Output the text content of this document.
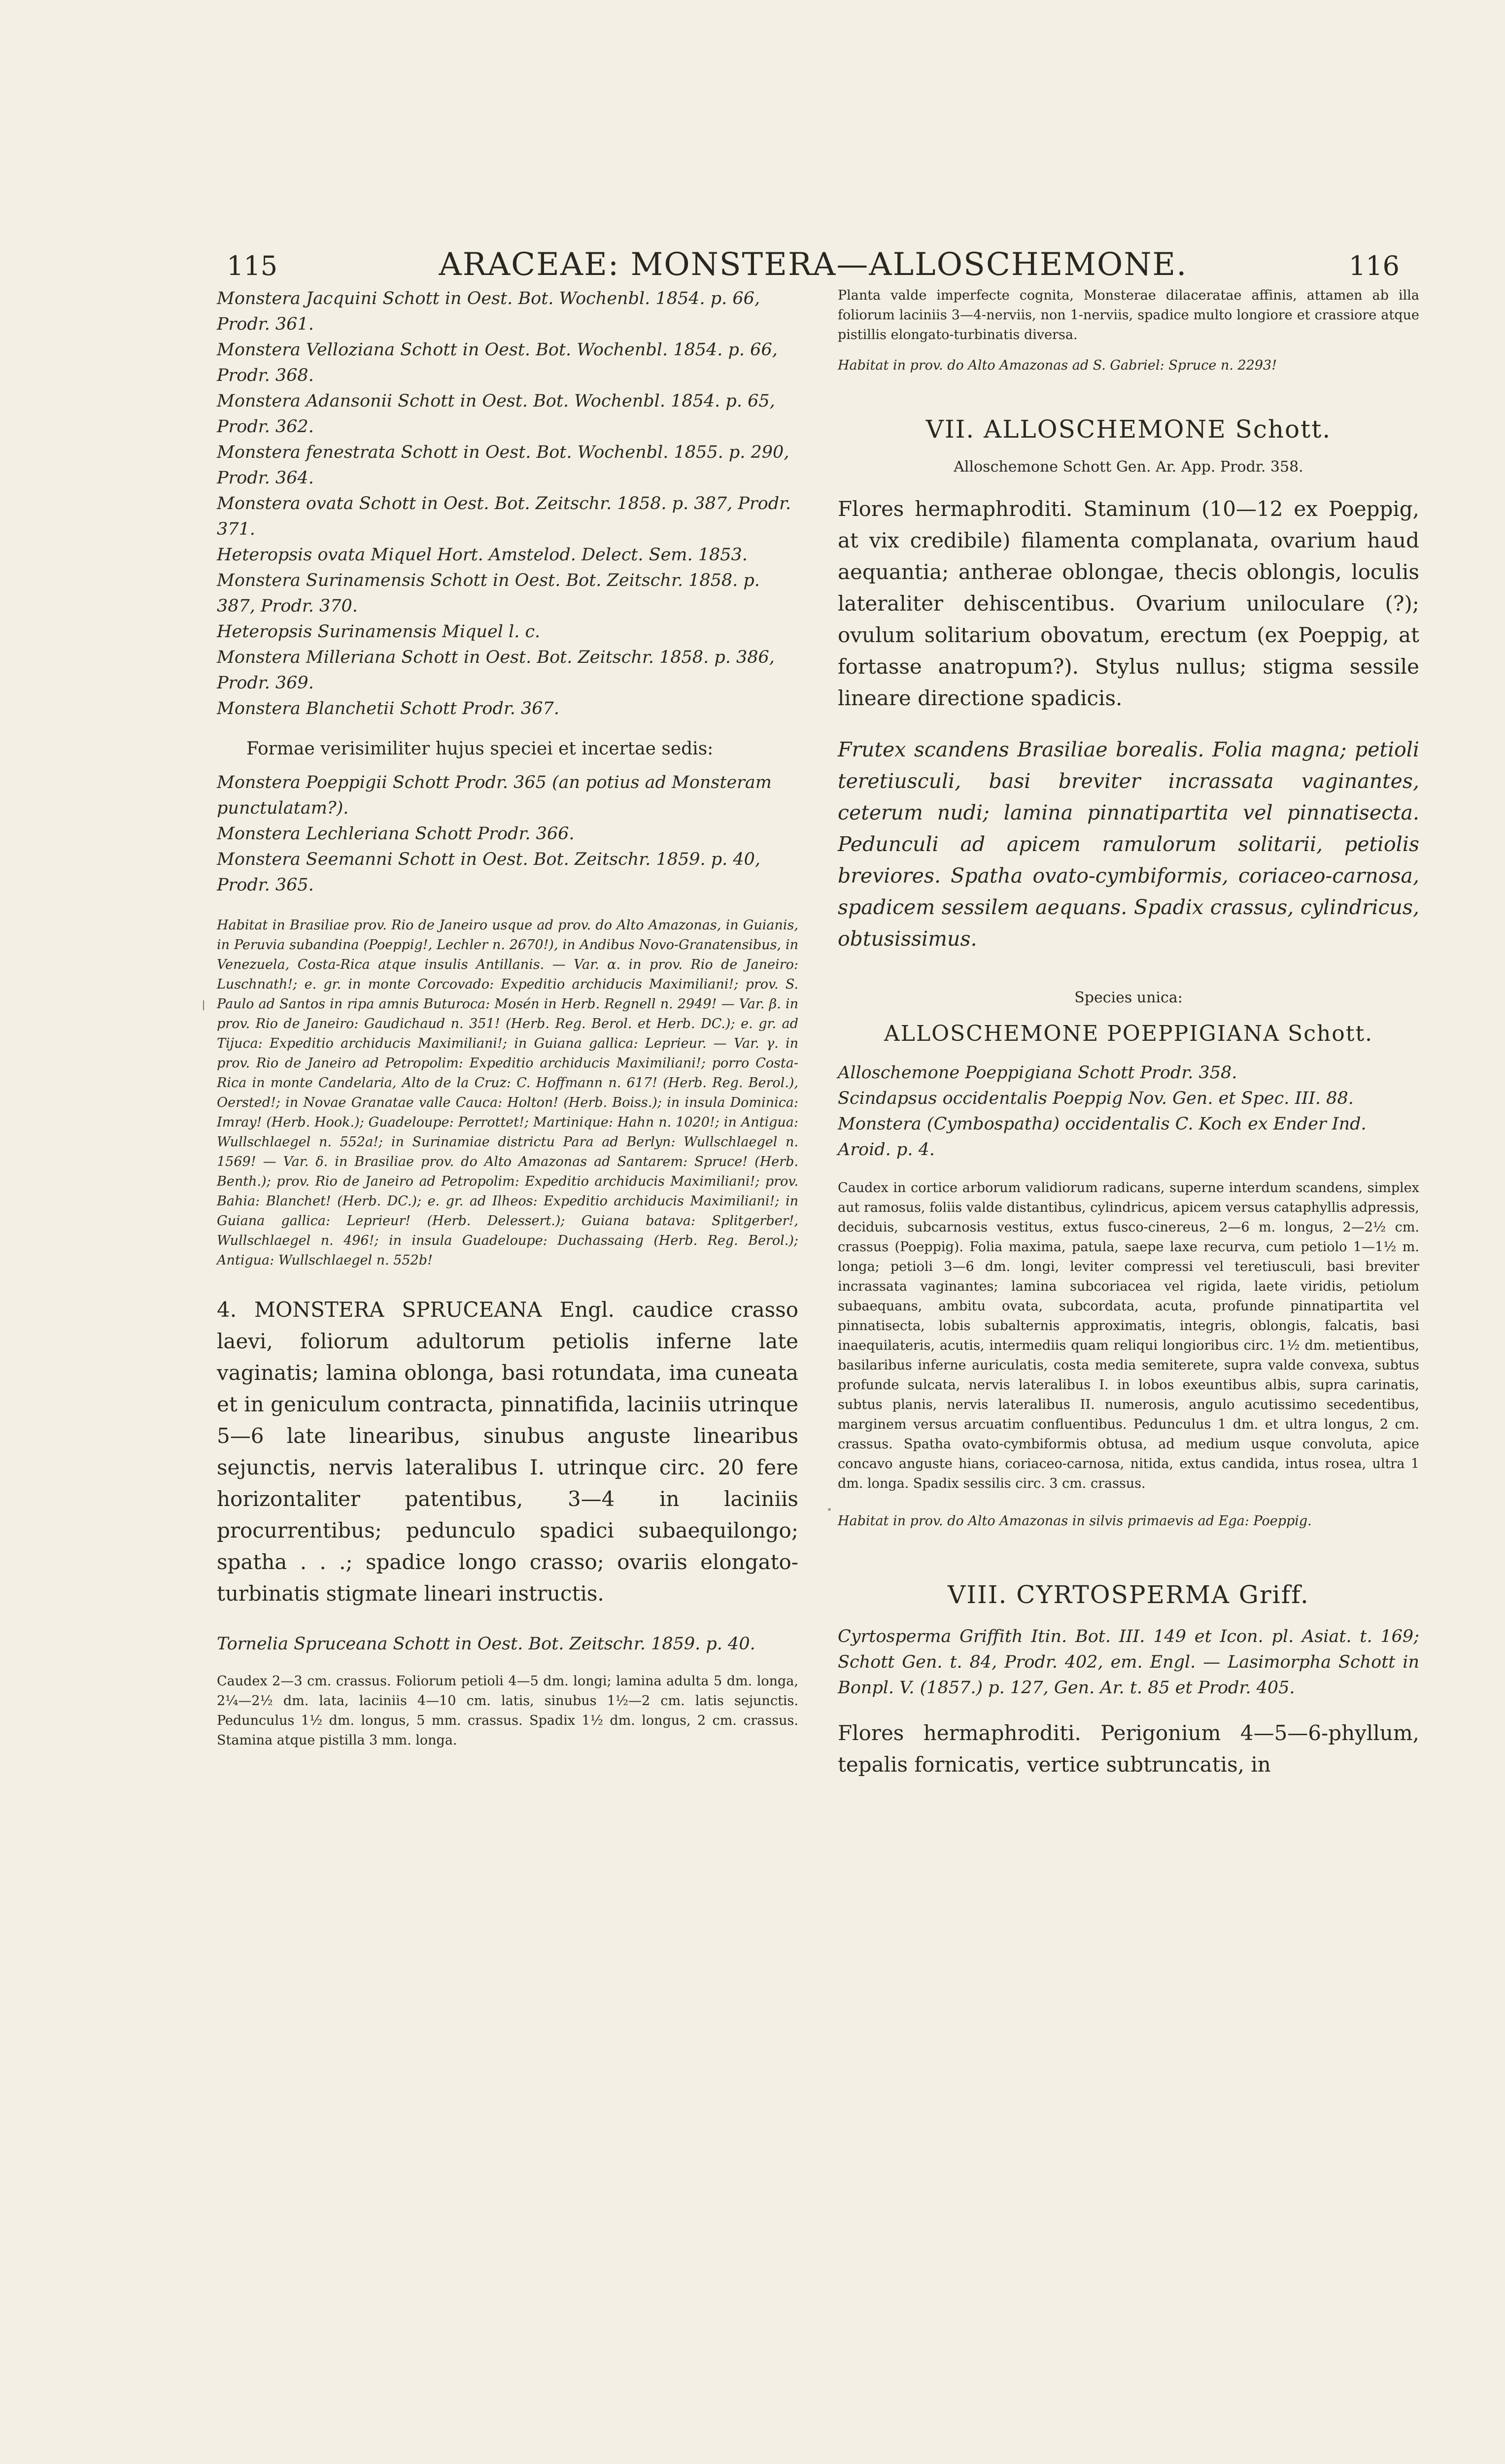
115	ARACEAE: MONSTERA—ALLOSCHEMONE.	116

Monstera Jacquini Schott in Oest. Bot. Wochenbl. 1854. p. 66, Prodr. 361.

Monstera Velloziana Schott in Oest. Bot. Wochenbl. 1854. p. 66, Prodr. 368.

Monstera Adansonii Schott in Oest. Bot. Wochenbl. 1854. p. 65, Prodr. 362.

Monstera fenestrata Schott in Oest. Bot. Wochenbl. 1855. p. 290, Prodr. 364.

Monstera ovata Schott in Oest. Bot. Zeitschr. 1858. p. 387, Prodr. 371.

Heteropsis ovata Miquel Hort. Amstelod. Delect. Sem. 1853.

Monstera Surinamensis Schott in Oest. Bot. Zeitschr. 1858. p. 387, Prodr. 370.

Heteropsis Surinamensis Miquel l. c.

Monstera Milleriana Schott in Oest. Bot. Zeitschr. 1858. p. 386, Prodr. 369.

Monstera Blanchetii Schott Prodr. 367.

Formae verisimiliter hujus speciei et incertae sedis:

Monstera Poeppigii Schott Prodr. 365 (an potius ad Monsteram punctulatam?).

Monstera Lechleriana Schott Prodr. 366.

Monstera Seemanni Schott in Oest. Bot. Zeitschr. 1859. p. 40, Prodr. 365.

Habitat in Brasiliae prov. Rio de Janeiro usque ad prov. do Alto Amazonas, in Guianis, in Peruvia subandina (Poeppig!, Lechler n. 2670!), in Andibus Novo-Granatensibus, in Venezuela, Costa-Rica atque insulis Antillanis. — Var. α. in prov. Rio de Janeiro: Luschnath!; e. gr. in monte Corcovado: Expeditio archiducis Maximiliani!; prov. S. Paulo ad Santos in ripa amnis Buturoca: Mosén in Herb. Regnell n. 2949! — Var. β. in prov. Rio de Janeiro: Gaudichaud n. 351! (Herb. Reg. Berol. et Herb. DC.); e. gr. ad Tijuca: Expeditio archiducis Maximiliani!; in Guiana gallica: Leprieur. — Var. γ. in prov. Rio de Janeiro ad Petropolim: Expeditio archiducis Maximiliani!; porro Costa-Rica in monte Candelaria, Alto de la Cruz: C. Hoffmann n. 617! (Herb. Reg. Berol.), Oersted!; in Novae Granatae valle Cauca: Holton! (Herb. Boiss.); in insula Dominica: Imray! (Herb. Hook.); Guadeloupe: Perrottet!; Martinique: Hahn n. 1020!; in Antigua: Wullschlaegel n. 552a!; in Surinamiae districtu Para ad Berlyn: Wullschlaegel n. 1569! — Var. δ. in Brasiliae prov. do Alto Amazonas ad Santarem: Spruce! (Herb. Benth.); prov. Rio de Janeiro ad Petropolim: Expeditio archiducis Maximiliani!; prov. Bahia: Blanchet! (Herb. DC.); e. gr. ad Ilheos: Expeditio archiducis Maximiliani!; in Guiana gallica: Leprieur! (Herb. Delessert.); Guiana batava: Splitgerber!, Wullschlaegel n. 496!; in insula Guadeloupe: Duchassaing (Herb. Reg. Berol.); Antigua: Wullschlaegel n. 552b!

4. MONSTERA SPRUCEANA Engl. caudice crasso laevi, foliorum adultorum petiolis inferne late vaginatis; lamina oblonga, basi rotundata, ima cuneata et in geniculum contracta, pinnatifida, laciniis utrinque 5—6 late linearibus, sinubus anguste linearibus sejunctis, nervis lateralibus I. utrinque circ. 20 fere horizontaliter patentibus, 3—4 in laciniis procurrentibus; pedunculo spadici subaequilongo; spatha . . .; spadice longo crasso; ovariis elongato-turbinatis stigmate lineari instructis.

Tornelia Spruceana Schott in Oest. Bot. Zeitschr. 1859. p. 40.

Caudex 2—3 cm. crassus. Foliorum petioli 4—5 dm. longi; lamina adulta 5 dm. longa, 2¼—2½ dm. lata, laciniis 4—10 cm. latis, sinubus 1½—2 cm. latis sejunctis. Pedunculus 1½ dm. longus, 5 mm. crassus. Spadix 1½ dm. longus, 2 cm. crassus. Stamina atque pistilla 3 mm. longa.

Planta valde imperfecte cognita, Monsterae dilaceratae affinis, attamen ab illa foliorum laciniis 3—4-nerviis, non 1-nerviis, spadice multo longiore et crassiore atque pistillis elongato-turbinatis diversa.

Habitat in prov. do Alto Amazonas ad S. Gabriel: Spruce n. 2293!

VII. ALLOSCHEMONE Schott.

Alloschemone Schott Gen. Ar. App. Prodr. 358.

Flores hermaphroditi. Staminum (10—12 ex Poeppig, at vix credibile) filamenta complanata, ovarium haud aequantia; antherae oblongae, thecis oblongis, loculis lateraliter dehiscentibus. Ovarium uniloculare (?); ovulum solitarium obovatum, erectum (ex Poeppig, at fortasse anatropum?). Stylus nullus; stigma sessile lineare directione spadicis.

Frutex scandens Brasiliae borealis. Folia magna; petioli teretiusculi, basi breviter incrassata vaginantes, ceterum nudi; lamina pinnatipartita vel pinnatisecta. Pedunculi ad apicem ramulorum solitarii, petiolis breviores. Spatha ovato-cymbiformis, coriaceo-carnosa, spadicem sessilem aequans. Spadix crassus, cylindricus, obtusissimus.

Species unica:

ALLOSCHEMONE POEPPIGIANA Schott.

Alloschemone Poeppigiana Schott Prodr. 358.

Scindapsus occidentalis Poeppig Nov. Gen. et Spec. III. 88.

Monstera (Cymbospatha) occidentalis C. Koch ex Ender Ind. Aroid. p. 4.

Caudex in cortice arborum validiorum radicans, superne interdum scandens, simplex aut ramosus, foliis valde distantibus, cylindricus, apicem versus cataphyllis adpressis, deciduis, subcarnosis vestitus, extus fusco-cinereus, 2—6 m. longus, 2—2½ cm. crassus (Poeppig). Folia maxima, patula, saepe laxe recurva, cum petiolo 1—1½ m. longa; petioli 3—6 dm. longi, leviter compressi vel teretiusculi, basi breviter incrassata vaginantes; lamina subcoriacea vel rigida, laete viridis, petiolum subaequans, ambitu ovata, subcordata, acuta, profunde pinnatipartita vel pinnatisecta, lobis subalternis approximatis, integris, oblongis, falcatis, basi inaequilateris, acutis, intermediis quam reliqui longioribus circ. 1½ dm. metientibus, basilaribus inferne auriculatis, costa media semiterete, supra valde convexa, subtus profunde sulcata, nervis lateralibus I. in lobos exeuntibus albis, supra carinatis, subtus planis, nervis lateralibus II. numerosis, angulo acutissimo secedentibus, marginem versus arcuatim confluentibus. Pedunculus 1 dm. et ultra longus, 2 cm. crassus. Spatha ovato-cymbiformis obtusa, ad medium usque convoluta, apice concavo anguste hians, coriaceo-carnosa, nitida, extus candida, intus rosea, ultra 1 dm. longa. Spadix sessilis circ. 3 cm. crassus.

Habitat in prov. do Alto Amazonas in silvis primaevis ad Ega: Poeppig.

VIII. CYRTOSPERMA Griff.

Cyrtosperma Griffith Itin. Bot. III. 149 et Icon. pl. Asiat. t. 169; Schott Gen. t. 84, Prodr. 402, em. Engl. — Lasimorpha Schott in Bonpl. V. (1857.) p. 127, Gen. Ar. t. 85 et Prodr. 405.

Flores hermaphroditi. Perigonium 4—5—6-phyllum, tepalis fornicatis, vertice subtruncatis, in
